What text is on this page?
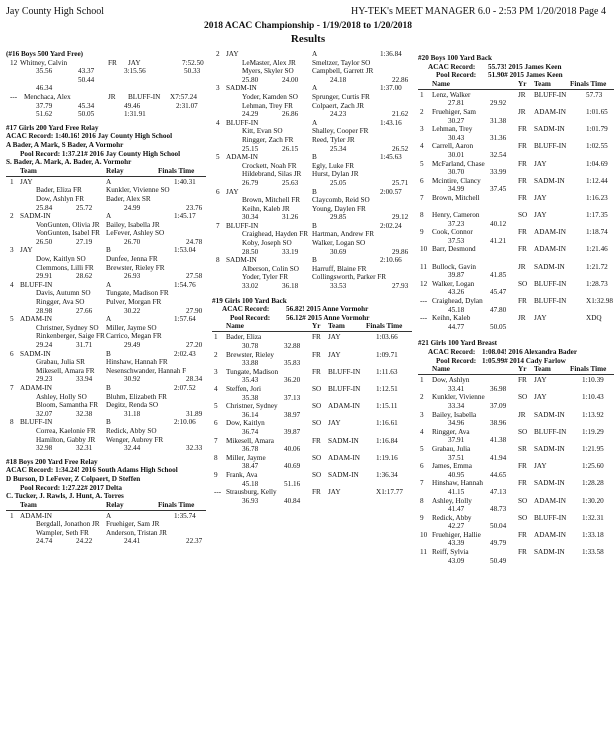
Jay County High School	HY-TEK's MEET MANAGER 6.0 - 2:53 PM 1/20/2018 Page 4
2018 ACAC Championship - 1/19/2018 to 1/20/2018
Results
(#16 Boys 500 Yard Free)
12 Whitney, Calvin	FR JAY	7:52.50
35.56	43.37	3:15.56	50.33
50.44
46.34
--- Menchaca, Alex	JR BLUFF-IN X7:57.24
37.79	45.34	49.46	2:31.07
51.62	50.05	1:31.91
#17 Girls 200 Yard Free Relay
ACAC Record: 1:40.16! 2016 Jay County High School
A Bader, A Mark, S Bader, A Vormohr
Pool Record: 1:37.21# 2016 Jay County High School
S. Bader, A. Mark, A. Bader, A. Vormohr
Team	Relay	Finals Time
1 JAY	A	1:40.31
Bader, Eliza FR	Kunkler, Vivienne SO
Dow, Ashlyn FR	Bader, Alex SR
25.84	25.72	24.99	23.76
2 SADM-IN	A	1:45.17
VonGunten, Olivia JR Bailey, Isabella JR
VonGunten, Isabel FR LeFever, Ashley SO
26.50	27.19	26.70	24.78
3 JAY	B	1:53.04
Dow, Kaitlyn SO	Dunfee, Jenna FR
Clemmons, Lilli FR Brewster, Rieley FR
29.91	28.62	26.93	27.58
4 BLUFF-IN	A	1:54.76
Davis, Autumn SO Tungate, Madison FR
Ringger, Ava SO	Pulver, Morgan FR
28.98	27.66	30.22	27.90
5 ADAM-IN	A	1:57.64
Christner, Sydney SO Miller, Jayme SO
Rinkenberger, Saige FR Carrico, Megan FR
29.24	31.71	29.49	27.20
6 SADM-IN	B	2:02.43
Grabau, Julia SR	Hinshaw, Hannah FR
Mikesell, Amara FR Nesenschwander, Hannah F
29.23	33.94	30.92	28.34
7 ADAM-IN	B	2:07.52
Ashley, Holly SO	Bluhm, Elizabeth FR
Bloom, Samantha FR Degitz, Renda SO
32.07	32.38	31.18	31.89
8 BLUFF-IN	B	2:10.06
Correa, Kaelonie FR Redick, Abby SO
Hamilton, Gabby JR Wenger, Aubrey FR
32.98	32.31	32.44	32.33
#18 Boys 200 Yard Free Relay
ACAC Record: 1:34.24! 2016 South Adams High School
D Burson, D LeFever, Z Colpaert, D Steffen
Pool Record: 1:27.22# 2017 Delta
C. Tucker, J. Rawls, J. Hunt, A. Torres
Team	Relay	Finals Time
1 ADAM-IN	A	1:35.74
Bergdall, Jonathon JR Fruehiger, Sam JR
Wampler, Seth FR Anderson, Tristan JR
24.74	24.22	24.41	22.37
2 JAY	A	1:36.84
LeMaster, Alex JR Smeltzer, Taylor SO
Myers, Skyler SO	Campbell, Garrett JR
25.80	24.00	24.18	22.86
3 SADM-IN	A	1:37.00
Yoder, Kamden SO Sprunger, Curtis FR
Lehman, Trey FR	Colpaert, Zach JR
24.29	26.86	24.23	21.62
4 BLUFF-IN	A	1:43.16
Kitt, Evan SO	Shalley, Cooper FR
Ringger, Zach FR	Reed, Tyler JR
25.15	26.15	25.34	26.52
5 ADAM-IN	B	1:45.63
Crockett, Noah FR Egly, Luke FR
Hildebrand, Silas JR Hurst, Dylan JR
26.79	25.63	25.05	25.71
6 JAY	B	2:00.57
Brown, Mitchell FR Claycomb, Reid SO
Keihn, Kaleb JR	Young, Daylen FR
30.34	31.26	29.85	29.12
7 BLUFF-IN	B	2:02.24
Craighead, Hayden FR Hartman, Andrew FR
Koby, Joseph SO	Walker, Logan SO
28.50	33.19	30.69	29.86
8 SADM-IN	B	2:10.66
Alberson, Colin SO Harruff, Blaine FR
Yoder, Tyler FR	Collingsworth, Parker FR
33.02	36.18	33.53	27.93
#19 Girls 100 Yard Back
ACAC Record: 56.82! 2015 Anne Vormohr
Pool Record: 56.12# 2015 Anne Vormohr
Name	Yr Team	Finals Time
1 Bader, Eliza	FR JAY	1:03.66
30.78	32.88
2 Brewster, Rieley	FR JAY	1:09.71
33.88	35.83
3 Tungate, Madison	FR BLUFF-IN 1:11.63
35.43	36.20
4 Steffen, Jori	SO BLUFF-IN 1:12.51
35.38	37.13
5 Christner, Sydney	SO ADAM-IN 1:15.11
36.14	38.97
6 Dow, Kaitlyn	SO JAY	1:16.61
36.74	39.87
7 Mikesell, Amara	FR SADM-IN 1:16.84
36.78	40.06
8 Miller, Jayme	SO ADAM-IN 1:19.16
38.47	40.69
9 Frank, Ava	SO SADM-IN 1:36.34
45.18	51.16
--- Strausburg, Kelly	FR JAY	X1:17.77
36.93	40.84
#20 Boys 100 Yard Back
ACAC Record: 55.73! 2015 James Keen
Pool Record: 51.90# 2015 James Keen
Name	Yr Team	Finals Time
1 Lenz, Walker	JR BLUFF-IN	57.73
27.81	29.92
2 Fruehiger, Sam	JR ADAM-IN	1:01.65
30.27	31.38
3 Lehman, Trey	FR SADM-IN	1:01.79
30.43	31.36
4 Carrell, Aaron	FR BLUFF-IN	1:02.55
30.01	32.54
5 McFarland, Chase	FR JAY	1:04.69
30.70	33.99
6 Mcintire, Clancy	FR SADM-IN	1:12.44
34.99	37.45
7 Brown, Mitchell	FR JAY	1:16.23
8 Henry, Cameron	SO JAY	1:17.35
37.23	40.12
9 Cook, Connor	FR ADAM-IN	1:18.74
37.53	41.21
10 Barr, Desmond	FR ADAM-IN	1:21.46
11 Bullock, Gavin	JR SADM-IN	1:21.72
39.87	41.85
12 Walker, Logan	SO BLUFF-IN	1:28.73
43.26	45.47
--- Craighead, Dylan	FR BLUFF-IN	X1:32.98
45.18	47.80
--- Keihn, Kaleb	JR JAY	XDQ
44.77	50.05
#21 Girls 100 Yard Breast
ACAC Record: 1:08.04! 2016 Alexandra Bader
Pool Record: 1:05.99# 2014 Cady Farlow
Name	Yr Team	Finals Time
1 Dow, Ashlyn	FR JAY	1:10.39
33.41	36.98
2 Kunkler, Vivienne	SO JAY	1:10.43
33.34	37.09
3 Bailey, Isabella	JR SADM-IN 1:13.92
34.96	38.96
4 Ringger, Ava	SO BLUFF-IN 1:19.29
37.91	41.38
5 Grabau, Julia	SR SADM-IN 1:21.95
37.51	41.94
6 James, Emma	FR JAY	1:25.60
40.95	44.65
7 Hinshaw, Hannah	FR SADM-IN 1:28.28
41.15	47.13
8 Ashley, Holly	SO ADAM-IN 1:30.20
41.47	48.73
9 Redick, Abby	SO BLUFF-IN 1:32.31
42.27	50.04
10 Fruehiger, Hallie	FR ADAM-IN 1:33.18
43.39	49.79
11 Reiff, Sylvia	FR SADM-IN 1:33.58
43.09	50.49
